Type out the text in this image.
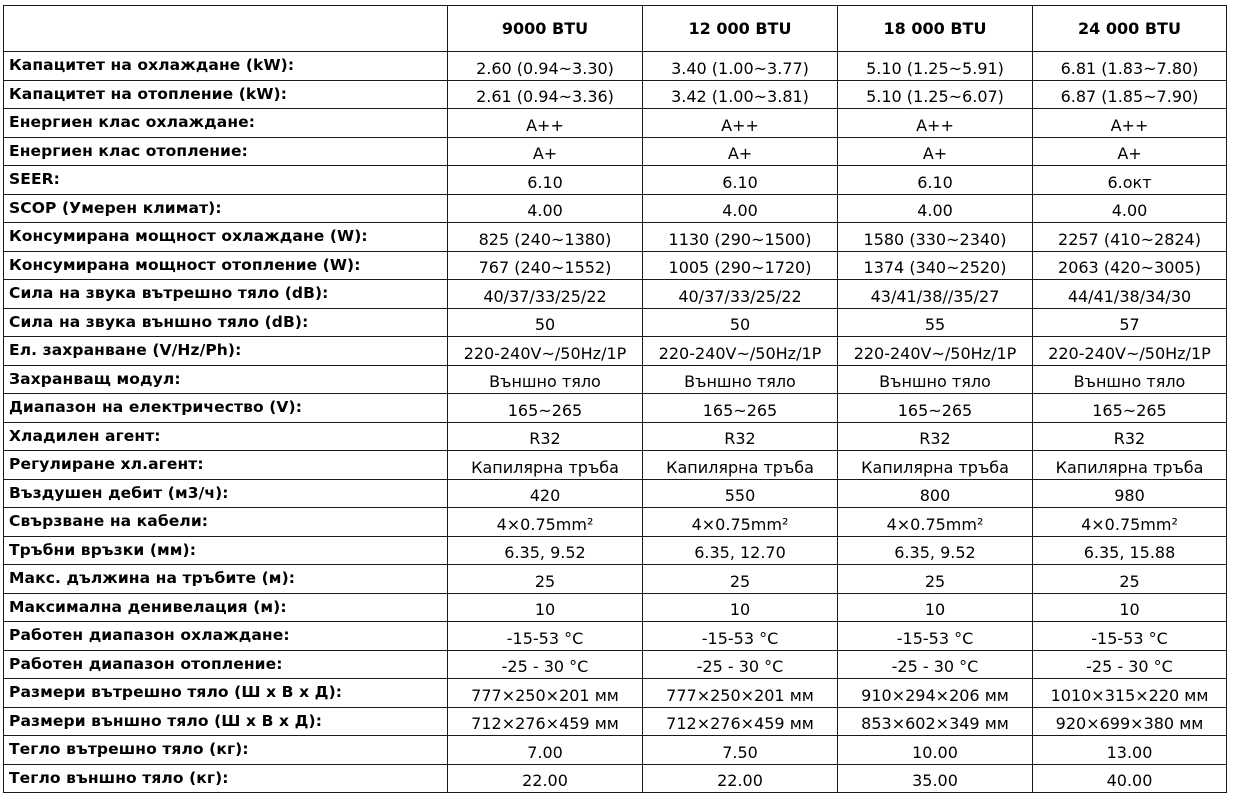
	9000 BTU	12 000 BTU	18 000 BTU	24 000 BTU
Капацитет на охлаждане (kW):	2.60 (0.94~3.30)	3.40 (1.00~3.77)	5.10 (1.25~5.91)	6.81 (1.83~7.80)
Капацитет на отопление (kW):	2.61 (0.94~3.36)	3.42 (1.00~3.81)	5.10 (1.25~6.07)	6.87 (1.85~7.90)
Енергиен клас охлаждане:	A++	A++	A++	A++
Енергиен клас отопление:	A+	A+	A+	A+
SEER:	6.10	6.10	6.10	6.окт
SCOP (Умерен климат):	4.00	4.00	4.00	4.00
Консумирана мощност охлаждане (W):	825 (240~1380)	1130 (290~1500)	1580 (330~2340)	2257 (410~2824)
Консумирана мощност отопление (W):	767 (240~1552)	1005 (290~1720)	1374 (340~2520)	2063 (420~3005)
Сила на звука вътрешно тяло (dB):	40/37/33/25/22	40/37/33/25/22	43/41/38//35/27	44/41/38/34/30
Сила на звука външно тяло (dB):	50	50	55	57
Ел. захранване (V/Hz/Ph):	220-240V~/50Hz/1P	220-240V~/50Hz/1P	220-240V~/50Hz/1P	220-240V~/50Hz/1P
Захранващ модул:	Външно тяло	Външно тяло	Външно тяло	Външно тяло
Диапазон на електричество (V):	165~265	165~265	165~265	165~265
Хладилен агент:	R32	R32	R32	R32
Регулиране хл.агент:	Капилярна тръба	Капилярна тръба	Капилярна тръба	Капилярна тръба
Въздушен дебит (м3/ч):	420	550	800	980
Свързване на кабели:	4×0.75mm²	4×0.75mm²	4×0.75mm²	4×0.75mm²
Тръбни връзки (мм):	6.35, 9.52	6.35, 12.70	6.35, 9.52	6.35, 15.88
Макс. дължина на тръбите (м):	25	25	25	25
Максимална денивелация (м):	10	10	10	10
Работен диапазон охлаждане:	-15-53 °C	-15-53 °C	-15-53 °C	-15-53 °C
Работен диапазон отопление:	-25 - 30 °C	-25 - 30 °C	-25 - 30 °C	-25 - 30 °C
Размери вътрешно тяло (Ш х В х Д):	777×250×201 мм	777×250×201 мм	910×294×206 мм	1010×315×220 мм
Размери външно тяло (Ш х В х Д):	712×276×459 мм	712×276×459 мм	853×602×349 мм	920×699×380 мм
Тегло вътрешно тяло (кг):	7.00	7.50	10.00	13.00
Тегло външно тяло (кг):	22.00	22.00	35.00	40.00
